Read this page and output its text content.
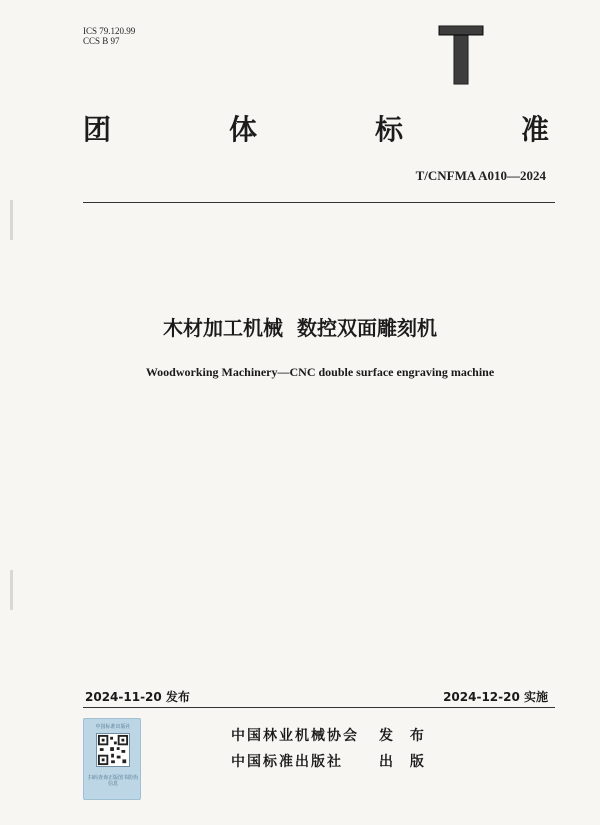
ICS 79.120.99
CCS B 97
团	体	标	准
T/CNFMA A010—2024
木材加工机械  数控双面雕刻机
Woodworking Machinery—CNC double surface engraving machine
2024-11-20 发布	2024-12-20 实施
中国林业机械协会 发 布
中国标准出版社	出 版
中国标准出版社
扫码查询正版图书防伪信息
